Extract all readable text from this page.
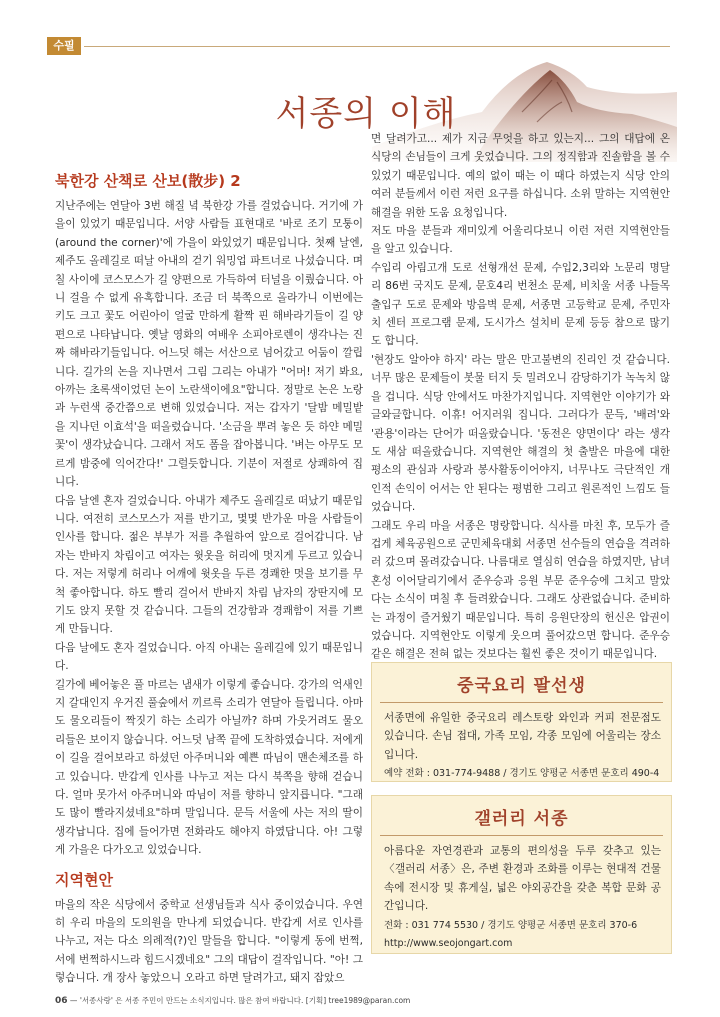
수필
서종의 이해
북한강 산책로 산보(散步) 2

지난주에는 연달아 3번 해질 녘 북한강 가를 걸었습니다. 거기에 가을이 있었기 때문입니다. 서양 사람들 표현대로 '바로 조기 모퉁이(around the corner)'에 가을이 와있었기 때문입니다. 첫째 날엔, 제주도 올레길로 떠날 아내의 걷기 워밍업 파트너로 나섰습니다. 며칠 사이에 코스모스가 길 양편으로 가득하여 터널을 이뤘습니다. 아니 걸을 수 없게 유혹합니다. 조금 더 북쪽으로 올라가니 이번에는 키도 크고 꽃도 어린아이 얼굴 만하게 활짝 핀 해바라기들이 길 양편으로 나타납니다. 옛날 영화의 여배우 소피아로렌이 생각나는 진짜 해바라기들입니다. 어느덧 해는 서산으로 넘어갔고 어둠이 깔립니다. 길가의 논을 지나면서 그림 그리는 아내가 "어머! 저기 봐요, 아까는 초록색이었던 논이 노란색이에요"합니다. 정말로 논은 노랑과 누런색 중간쯤으로 변해 있었습니다. 저는 갑자기 '달밤 메밀밭을 지나던 이효석'을 떠올렸습니다. '소금을 뿌려 놓은 듯 하얀 메밀꽃'이 생각났습니다. 그래서 저도 폼을 잡아봅니다. '벼는 아무도 모르게 밤중에 익어간다!' 그럴듯합니다. 기분이 저절로 상쾌하여 집니다.

다음 날엔 혼자 걸었습니다. 아내가 제주도 올레길로 떠났기 때문입니다. 여전히 코스모스가 저를 반기고, 몇몇 반가운 마을 사람들이 인사를 합니다. 젊은 부부가 저를 추월하여 앞으로 걸어갑니다. 남자는 반바지 차림이고 여자는 윗옷을 허리에 멋지게 두르고 있습니다. 저는 저렇게 허리나 어깨에 윗옷을 두른 경쾌한 멋을 보기를 무척 좋아합니다. 하도 빨리 걸어서 반바지 차림 남자의 장딴지에 모기도 앉지 못할 것 같습니다. 그들의 건강함과 경쾌함이 저를 기쁘게 만듭니다.

다음 날에도 혼자 걸었습니다. 아직 아내는 올레길에 있기 때문입니다.

길가에 베어놓은 풀 마르는 냄새가 이렇게 좋습니다. 강가의 억새인지 갈대인지 우거진 풀숲에서 끼르륵 소리가 연달아 들립니다. 아마도 물오리들이 짝짓기 하는 소리가 아닐까? 하며 가웃거려도 물오리들은 보이지 않습니다. 어느덧 남쪽 끝에 도착하였습니다. 저에게 이 길을 걸어보라고 하셨던 아주머니와 예쁜 따님이 맨손체조를 하고 있습니다. 반갑게 인사를 나누고 저는 다시 북쪽을 향해 걷습니다. 얼마 못가서 아주머니와 따님이 저를 향하니 앞지릅니다. "그래도 많이 빨라지셨네요"하며 말입니다. 문득 서울에 사는 저의 딸이 생각납니다. 집에 들어가면 전화라도 해야지 하였답니다. 아! 그렇게 가을은 다가오고 있었습니다.

지역현안

마을의 작은 식당에서 중학교 선생님들과 식사 중이었습니다. 우연히 우리 마을의 도의원을 만나게 되었습니다. 반갑게 서로 인사를 나누고, 저는 다소 의례적(?)인 말들을 합니다. "이렇게 동에 번쩍, 서에 번쩍하시느라 힘드시겠네요" 그의 대답이 걸작입니다. "아! 그렇습니다. 개 장사 놓았으니 오라고 하면 달려가고, 돼지 잡았으

면 달려가고... 제가 지금 무엇을 하고 있는지... 그의 대답에 온 식당의 손님들이 크게 웃었습니다. 그의 정직함과 진솔함을 볼 수 있었기 때문입니다. 예의 없이 때는 이 때다 하였는지 식당 안의 여러 분들께서 이런 저런 요구를 하십니다. 소위 말하는 지역현안 해결을 위한 도움 요청입니다.

저도 마을 분들과 재미있게 어울리다보니 이런 저런 지역현안들을 알고 있습니다.

수입리 아림고개 도로 선형개선 문제, 수입2,3리와 노문리 명달리 86번 국지도 문제, 문호4리 번천소 문제, 비치울 서종 나들목 출입구 도로 문제와 방음벽 문제, 서종면 고등학교 문제, 주민자치 센터 프로그램 문제, 도시가스 설치비 문제 등등 참으로 많기도 합니다.

'현장도 알아야 하지' 라는 말은 만고불변의 진리인 것 같습니다. 너무 많은 문제들이 봇물 터지 듯 밀려오니 감당하기가 녹녹치 않을 겁니다. 식당 안에서도 마찬가지입니다. 지역현안 이야기가 와글와글합니다. 이휴! 어지러워 집니다. 그러다가 문득, '배려'와 '관용'이라는 단어가 떠올랐습니다. '동전은 양면이다' 라는 생각도 새삼 떠올랐습니다. 지역현안 해결의 첫 출발은 마을에 대한 평소의 관심과 사랑과 봉사활동이어야지, 너무나도 극단적인 개인적 손익이 어서는 안 된다는 평범한 그리고 원론적인 느낌도 들었습니다.

그래도 우리 마을 서종은 명랑합니다. 식사를 마친 후, 모두가 즐겁게 체육공원으로 군민체육대회 서종면 선수들의 연습을 격려하러 갔으며 몰려갔습니다. 나름대로 열심히 연습을 하였지만, 남녀 혼성 이어달리기에서 준우승과 응원 부문 준우승에 그치고 말았다는 소식이 며칠 후 들려왔습니다. 그래도 상관없습니다. 준비하는 과정이 즐거웠기 때문입니다. 특히 응원단장의 헌신은 압권이었습니다. 지역현안도 이렇게 웃으며 풀어갔으면 합니다. 준우승 같은 해결은 전혀 없는 것보다는 훨씬 좋은 것이기 때문입니다.

중국요리 팔선생
서종면에 유일한 중국요리 레스토랑 와인과 커피 전문점도 있습니다. 손님 접대, 가족 모임, 각종 모임에 어울리는 장소입니다.
예약 전화 : 031-774-9488 / 경기도 양평군 서종면 문호리 490-4
갤러리 서종
아름다운 자연경관과 교통의 편의성을 두루 갖추고 있는 〈갤러리 서종〉은, 주변 환경과 조화를 이루는 현대적 건물 속에 전시장 및 휴게실, 넓은 야외공간을 갖춘 복합 문화 공간입니다.
전화 : 031 774 5530 / 경기도 양평군 서종면 문호리 370-6
http://www.seojongart.com
06 — '서종사랑' 은 서종 주민이 만드는 소식지입니다. 많은 참여 바랍니다. [기획] tree1989@paran.com
